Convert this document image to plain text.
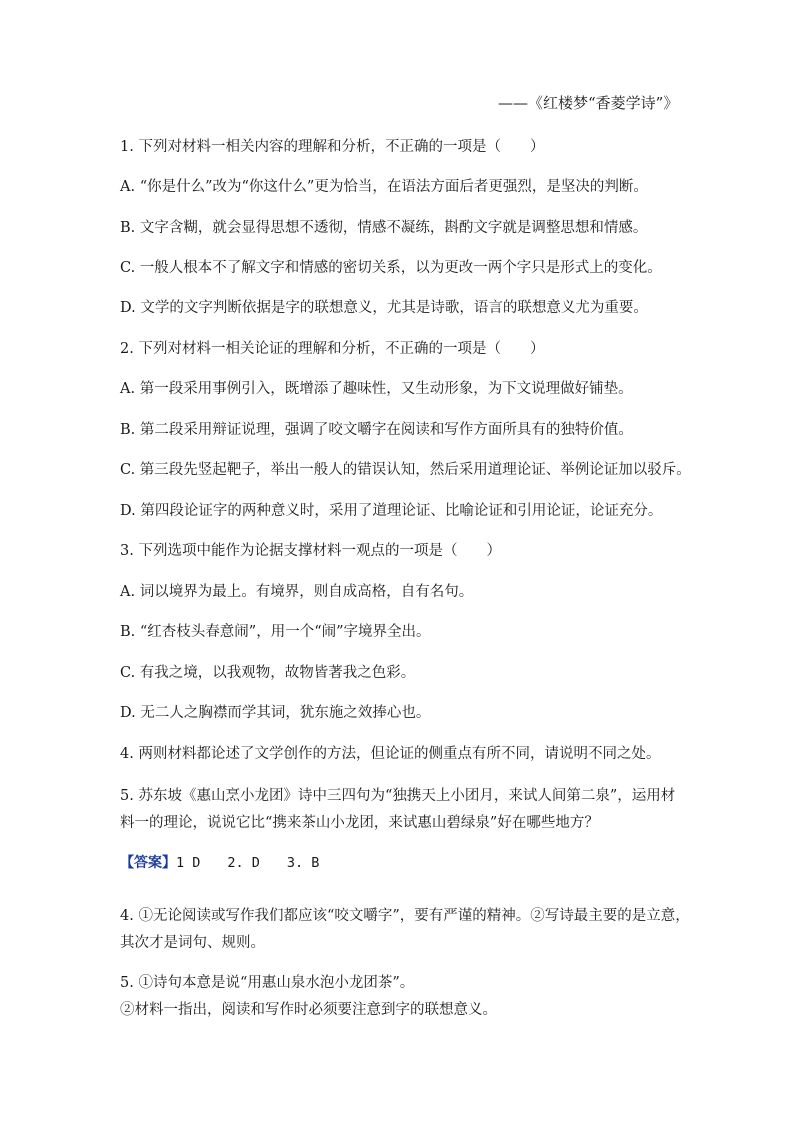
——《红楼梦“香菱学诗”》
1. 下列对材料一相关内容的理解和分析，不正确的一项是（　　）
A. “你是什么”改为“你这什么”更为恰当，在语法方面后者更强烈，是坚决的判断。
B. 文字含糊，就会显得思想不透彻，情感不凝练，斟酌文字就是调整思想和情感。
C. 一般人根本不了解文字和情感的密切关系，以为更改一两个字只是形式上的变化。
D. 文学的文字判断依据是字的联想意义，尤其是诗歌，语言的联想意义尤为重要。
2. 下列对材料一相关论证的理解和分析，不正确的一项是（　　）
A. 第一段采用事例引入，既增添了趣味性，又生动形象，为下文说理做好铺垫。
B. 第二段采用辩证说理，强调了咬文嚼字在阅读和写作方面所具有的独特价值。
C. 第三段先竖起靶子，举出一般人的错误认知，然后采用道理论证、举例论证加以驳斥。
D. 第四段论证字的两种意义时，采用了道理论证、比喻论证和引用论证，论证充分。
3. 下列选项中能作为论据支撑材料一观点的一项是（　　）
A. 词以境界为最上。有境界，则自成高格，自有名句。
B. “红杏枝头春意闹”，用一个“闹”字境界全出。
C. 有我之境，以我观物，故物皆著我之色彩。
D. 无二人之胸襟而学其词，犹东施之效捧心也。
4. 两则材料都论述了文学创作的方法，但论证的侧重点有所不同，请说明不同之处。
5. 苏东坡《惠山烹小龙团》诗中三四句为“独携天上小团月，来试人间第二泉”，运用材
料一的理论，说说它比“携来茶山小龙团，来试惠山碧绿泉”好在哪些地方？
【答案】1 D　　2. D　　3. B
4. ①无论阅读或写作我们都应该“咬文嚼字”，要有严谨的精神。②写诗最主要的是立意，
其次才是词句、规则。
5. ①诗句本意是说“用惠山泉水泡小龙团茶”。
②材料一指出，阅读和写作时必须要注意到字的联想意义。
